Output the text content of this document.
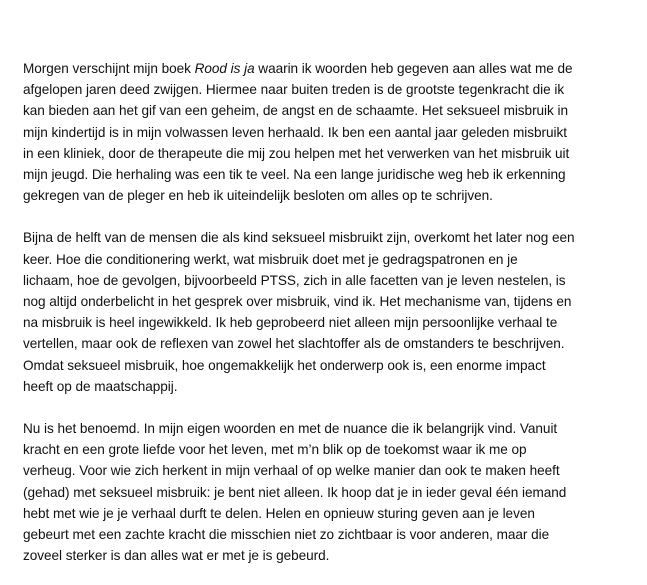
Morgen verschijnt mijn boek Rood is ja waarin ik woorden heb gegeven aan alles wat me de
afgelopen jaren deed zwijgen. Hiermee naar buiten treden is de grootste tegenkracht die ik
kan bieden aan het gif van een geheim, de angst en de schaamte. Het seksueel misbruik in
mijn kindertijd is in mijn volwassen leven herhaald. Ik ben een aantal jaar geleden misbruikt
in een kliniek, door de therapeute die mij zou helpen met het verwerken van het misbruik uit
mijn jeugd. Die herhaling was een tik te veel. Na een lange juridische weg heb ik erkenning
gekregen van de pleger en heb ik uiteindelijk besloten om alles op te schrijven.
Bijna de helft van de mensen die als kind seksueel misbruikt zijn, overkomt het later nog een
keer. Hoe die conditionering werkt, wat misbruik doet met je gedragspatronen en je
lichaam, hoe de gevolgen, bijvoorbeeld PTSS, zich in alle facetten van je leven nestelen, is
nog altijd onderbelicht in het gesprek over misbruik, vind ik. Het mechanisme van, tijdens en
na misbruik is heel ingewikkeld. Ik heb geprobeerd niet alleen mijn persoonlijke verhaal te
vertellen, maar ook de reflexen van zowel het slachtoffer als de omstanders te beschrijven.
Omdat seksueel misbruik, hoe ongemakkelijk het onderwerp ook is, een enorme impact
heeft op de maatschappij.
Nu is het benoemd. In mijn eigen woorden en met de nuance die ik belangrijk vind. Vanuit
kracht en een grote liefde voor het leven, met m’n blik op de toekomst waar ik me op
verheug. Voor wie zich herkent in mijn verhaal of op welke manier dan ook te maken heeft
(gehad) met seksueel misbruik: je bent niet alleen. Ik hoop dat je in ieder geval één iemand
hebt met wie je je verhaal durft te delen. Helen en opnieuw sturing geven aan je leven
gebeurt met een zachte kracht die misschien niet zo zichtbaar is voor anderen, maar die
zoveel sterker is dan alles wat er met je is gebeurd.
